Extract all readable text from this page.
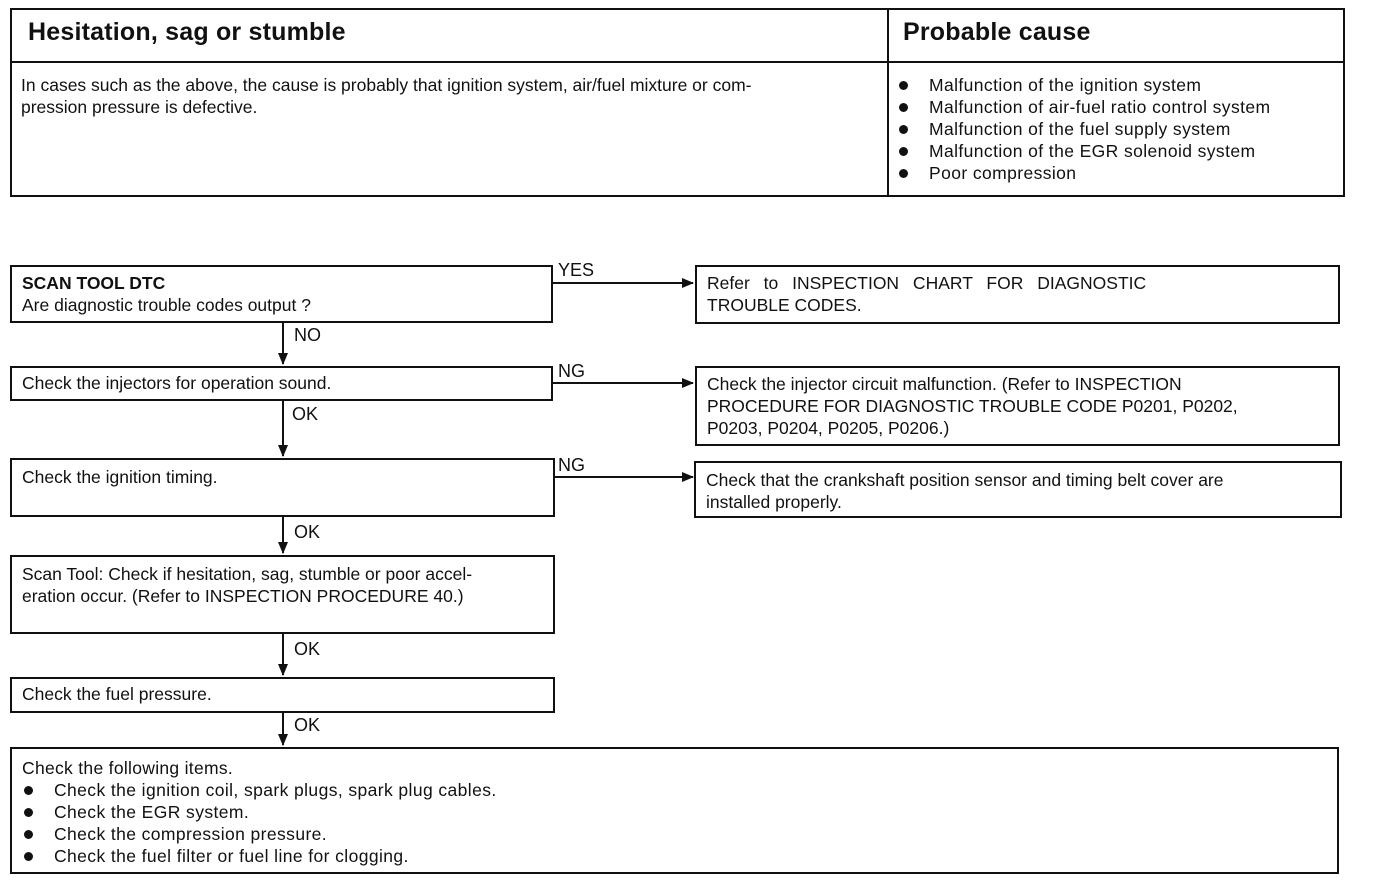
Hesitation, sag or stumble	Probable cause
In cases such as the above, the cause is probably that ignition system, air/fuel mixture or com-
pression pressure is defective.
Malfunction of the ignition system
Malfunction of air-fuel ratio control system
Malfunction of the fuel supply system
Malfunction of the EGR solenoid system
Poor compression
SCAN TOOL DTC
Are diagnostic trouble codes output ?
YES
NO
Refer to INSPECTION CHART FOR DIAGNOSTIC
TROUBLE CODES.
Check the injectors for operation sound.
NG
OK
Check the injector circuit malfunction. (Refer to INSPECTION
PROCEDURE FOR DIAGNOSTIC TROUBLE CODE P0201, P0202,
P0203, P0204, P0205, P0206.)
Check the ignition timing.
NG
OK
Check that the crankshaft position sensor and timing belt cover are
installed properly.
Scan Tool: Check if hesitation, sag, stumble or poor accel-
eration occur. (Refer to INSPECTION PROCEDURE 40.)
OK
Check the fuel pressure.
OK
Check the following items.
Check the ignition coil, spark plugs, spark plug cables.
Check the EGR system.
Check the compression pressure.
Check the fuel filter or fuel line for clogging.
